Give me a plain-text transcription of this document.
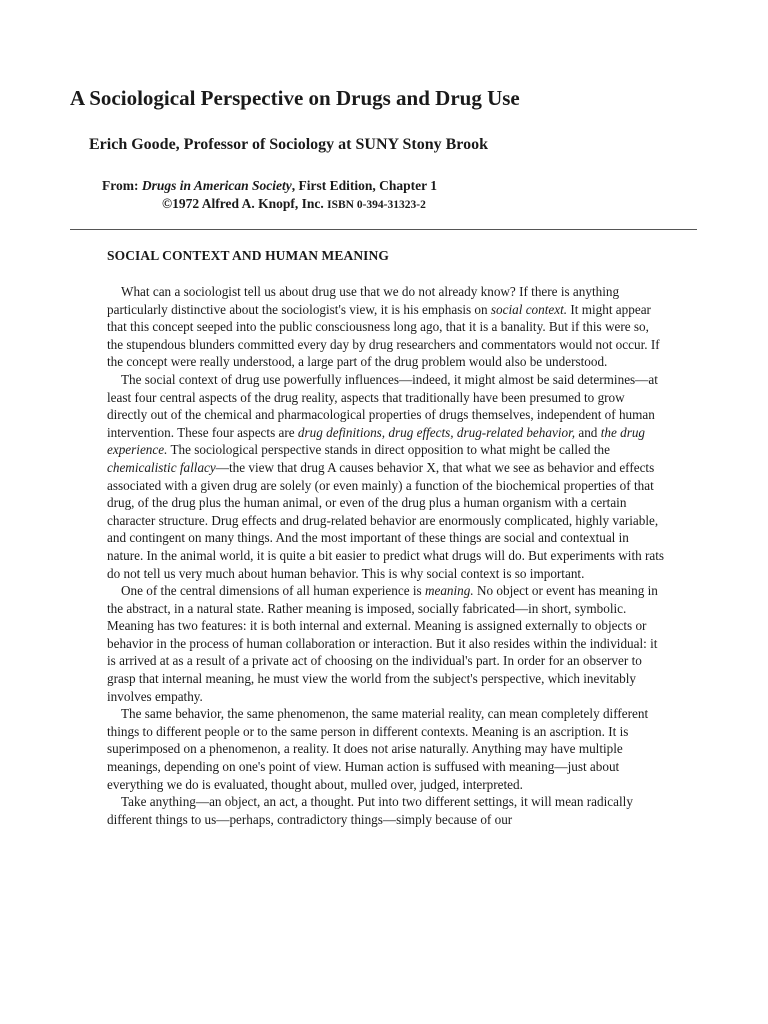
A Sociological Perspective on Drugs and Drug Use
Erich Goode, Professor of Sociology at SUNY Stony Brook
From: Drugs in American Society, First Edition, Chapter 1
©1972 Alfred A. Knopf, Inc. ISBN 0-394-31323-2
SOCIAL CONTEXT AND HUMAN MEANING

What can a sociologist tell us about drug use that we do not already know? If there is anything particularly distinctive about the sociologist's view, it is his emphasis on social context. It might appear that this concept seeped into the public consciousness long ago, that it is a banality. But if this were so, the stupendous blunders committed every day by drug researchers and commentators would not occur. If the concept were really understood, a large part of the drug problem would also be understood.

The social context of drug use powerfully influences—indeed, it might almost be said determines—at least four central aspects of the drug reality, aspects that traditionally have been presumed to grow directly out of the chemical and pharmacological properties of drugs themselves, independent of human intervention. These four aspects are drug definitions, drug effects, drug-related behavior, and the drug experience. The sociological perspective stands in direct opposition to what might be called the chemicalistic fallacy—the view that drug A causes behavior X, that what we see as behavior and effects associated with a given drug are solely (or even mainly) a function of the biochemical properties of that drug, of the drug plus the human animal, or even of the drug plus a human organism with a certain character structure. Drug effects and drug-related behavior are enormously complicated, highly variable, and contingent on many things. And the most important of these things are social and contextual in nature. In the animal world, it is quite a bit easier to predict what drugs will do. But experiments with rats do not tell us very much about human behavior. This is why social context is so important.

One of the central dimensions of all human experience is meaning. No object or event has meaning in the abstract, in a natural state. Rather meaning is imposed, socially fabricated—in short, symbolic. Meaning has two features: it is both internal and external. Meaning is assigned externally to objects or behavior in the process of human collaboration or interaction. But it also resides within the individual: it is arrived at as a result of a private act of choosing on the individual's part. In order for an observer to grasp that internal meaning, he must view the world from the subject's perspective, which inevitably involves empathy.

The same behavior, the same phenomenon, the same material reality, can mean completely different things to different people or to the same person in different contexts. Meaning is an ascription. It is superimposed on a phenomenon, a reality. It does not arise naturally. Anything may have multiple meanings, depending on one's point of view. Human action is suffused with meaning—just about everything we do is evaluated, thought about, mulled over, judged, interpreted.

Take anything—an object, an act, a thought. Put into two different settings, it will mean radically different things to us—perhaps, contradictory things—simply because of our
